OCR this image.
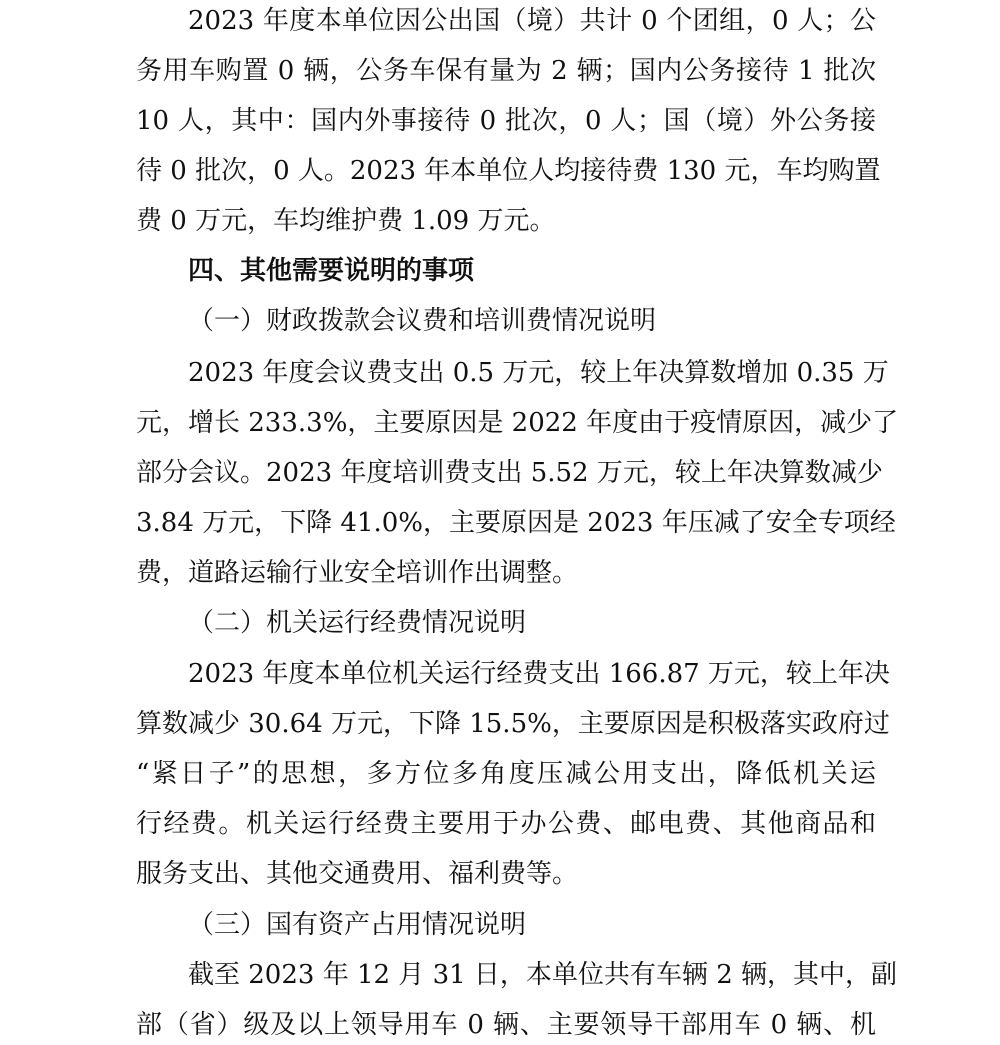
2023 年度本单位因公出国（境）共计 0 个团组，0 人；公
务用车购置 0 辆，公务车保有量为 2 辆；国内公务接待 1 批次
10 人，其中：国内外事接待 0 批次，0 人；国（境）外公务接
待 0 批次，0 人。2023 年本单位人均接待费 130 元，车均购置
费 0 万元，车均维护费 1.09 万元。
四、其他需要说明的事项
（一）财政拨款会议费和培训费情况说明
2023 年度会议费支出 0.5 万元，较上年决算数增加 0.35 万
元，增长 233.3%，主要原因是 2022 年度由于疫情原因，减少了
部分会议。2023 年度培训费支出 5.52 万元，较上年决算数减少
3.84 万元，下降 41.0%，主要原因是 2023 年压减了安全专项经
费，道路运输行业安全培训作出调整。
（二）机关运行经费情况说明
2023 年度本单位机关运行经费支出 166.87 万元，较上年决
算数减少 30.64 万元，下降 15.5%，主要原因是积极落实政府过
“紧日子”的思想，多方位多角度压减公用支出，降低机关运
行经费。机关运行经费主要用于办公费、邮电费、其他商品和
服务支出、其他交通费用、福利费等。
（三）国有资产占用情况说明
截至 2023 年 12 月 31 日，本单位共有车辆 2 辆，其中，副
部（省）级及以上领导用车 0 辆、主要领导干部用车 0 辆、机
